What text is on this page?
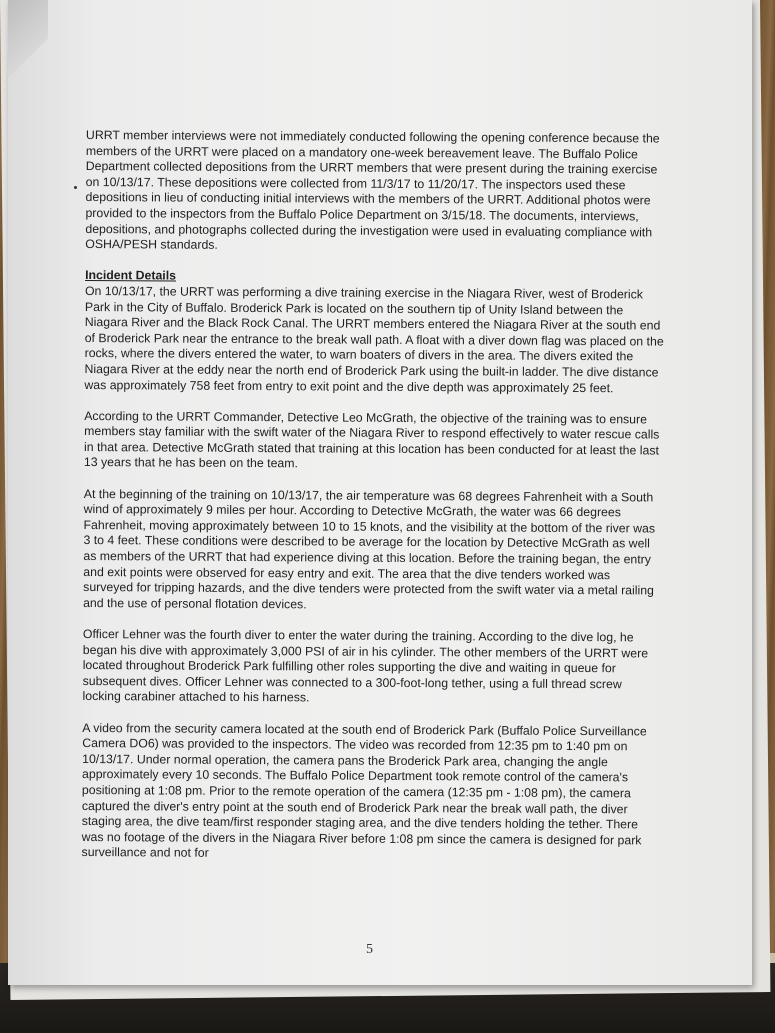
URRT member interviews were not immediately conducted following the opening conference because the members of the URRT were placed on a mandatory one-week bereavement leave. The Buffalo Police Department collected depositions from the URRT members that were present during the training exercise on 10/13/17. These depositions were collected from 11/3/17 to 11/20/17. The inspectors used these depositions in lieu of conducting initial interviews with the members of the URRT. Additional photos were provided to the inspectors from the Buffalo Police Department on 3/15/18. The documents, interviews, depositions, and photographs collected during the investigation were used in evaluating compliance with OSHA/PESH standards.

Incident Details

On 10/13/17, the URRT was performing a dive training exercise in the Niagara River, west of Broderick Park in the City of Buffalo. Broderick Park is located on the southern tip of Unity Island between the Niagara River and the Black Rock Canal. The URRT members entered the Niagara River at the south end of Broderick Park near the entrance to the break wall path. A float with a diver down flag was placed on the rocks, where the divers entered the water, to warn boaters of divers in the area. The divers exited the Niagara River at the eddy near the north end of Broderick Park using the built-in ladder. The dive distance was approximately 758 feet from entry to exit point and the dive depth was approximately 25 feet.

According to the URRT Commander, Detective Leo McGrath, the objective of the training was to ensure members stay familiar with the swift water of the Niagara River to respond effectively to water rescue calls in that area. Detective McGrath stated that training at this location has been conducted for at least the last 13 years that he has been on the team.

At the beginning of the training on 10/13/17, the air temperature was 68 degrees Fahrenheit with a South wind of approximately 9 miles per hour. According to Detective McGrath, the water was 66 degrees Fahrenheit, moving approximately between 10 to 15 knots, and the visibility at the bottom of the river was 3 to 4 feet. These conditions were described to be average for the location by Detective McGrath as well as members of the URRT that had experience diving at this location. Before the training began, the entry and exit points were observed for easy entry and exit. The area that the dive tenders worked was surveyed for tripping hazards, and the dive tenders were protected from the swift water via a metal railing and the use of personal flotation devices.

Officer Lehner was the fourth diver to enter the water during the training. According to the dive log, he began his dive with approximately 3,000 PSI of air in his cylinder. The other members of the URRT were located throughout Broderick Park fulfilling other roles supporting the dive and waiting in queue for subsequent dives. Officer Lehner was connected to a 300-foot-long tether, using a full thread screw locking carabiner attached to his harness.

A video from the security camera located at the south end of Broderick Park (Buffalo Police Surveillance Camera DO6) was provided to the inspectors. The video was recorded from 12:35 pm to 1:40 pm on 10/13/17. Under normal operation, the camera pans the Broderick Park area, changing the angle approximately every 10 seconds. The Buffalo Police Department took remote control of the camera's positioning at 1:08 pm. Prior to the remote operation of the camera (12:35 pm - 1:08 pm), the camera captured the diver's entry point at the south end of Broderick Park near the break wall path, the diver staging area, the dive team/first responder staging area, and the dive tenders holding the tether. There was no footage of the divers in the Niagara River before 1:08 pm since the camera is designed for park surveillance and not for

5
